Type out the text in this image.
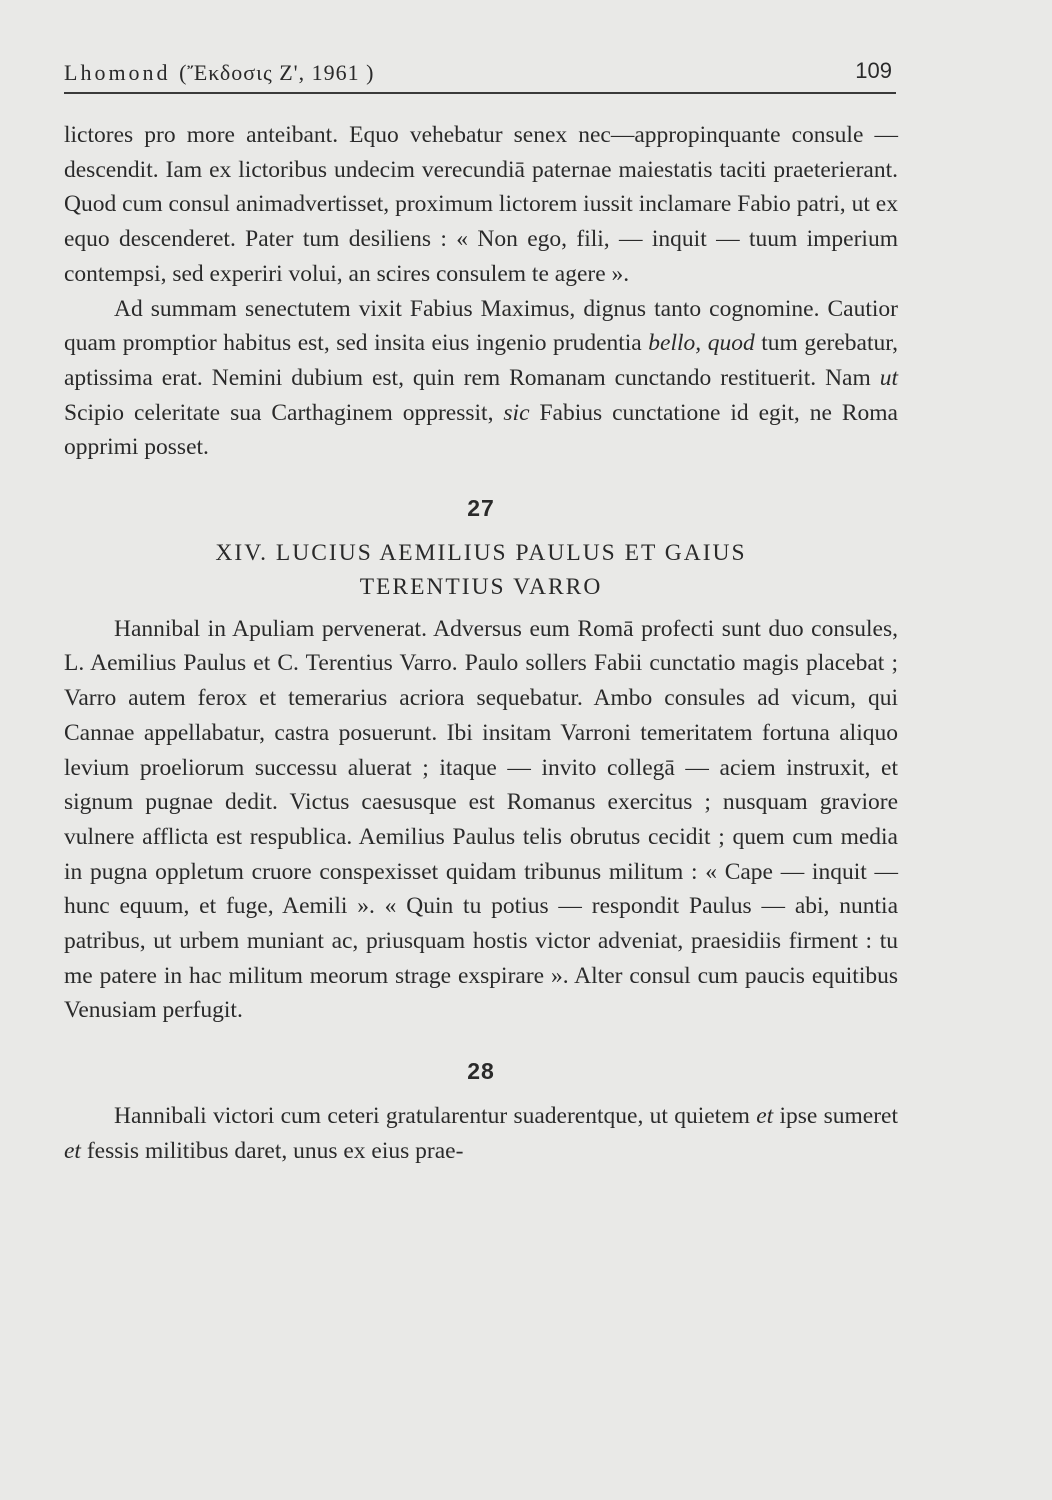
Lhomond (Ἔκδοσις Ζ', 1961 )	109

lictores pro more anteibant. Equo vehebatur senex nec—appropinquante consule — descendit. Iam ex lictoribus undecim verecundiā paternae maiestatis taciti praeterierant. Quod cum consul animadvertisset, proximum lictorem iussit inclamare Fabio patri, ut ex equo descenderet. Pater tum desiliens : « Non ego, fili, — inquit — tuum imperium contempsi, sed experiri volui, an scires consulem te agere ».

Ad summam senectutem vixit Fabius Maximus, dignus tanto cognomine. Cautior quam promptior habitus est, sed insita eius ingenio prudentia bello, quod tum gerebatur, aptissima erat. Nemini dubium est, quin rem Romanam cunctando restituerit. Nam ut Scipio celeritate sua Carthaginem oppressit, sic Fabius cunctatione id egit, ne Roma opprimi posset.

27
XIV. LUCIUS AEMILIUS PAULUS ET GAIUS
TERENTIUS VARRO

Hannibal in Apuliam pervenerat. Adversus eum Romā profecti sunt duo consules, L. Aemilius Paulus et C. Terentius Varro. Paulo sollers Fabii cunctatio magis placebat ; Varro autem ferox et temerarius acriora sequebatur. Ambo consules ad vicum, qui Cannae appellabatur, castra posuerunt. Ibi insitam Varroni temeritatem fortuna aliquo levium proeliorum successu aluerat ; itaque — invito collegā — aciem instruxit, et signum pugnae dedit. Victus caesusque est Romanus exercitus ; nusquam graviore vulnere afflicta est respublica. Aemilius Paulus telis obrutus cecidit ; quem cum media in pugna oppletum cruore conspexisset quidam tribunus militum : « Cape — inquit — hunc equum, et fuge, Aemili ». « Quin tu potius — respondit Paulus — abi, nuntia patribus, ut urbem muniant ac, priusquam hostis victor adveniat, praesidiis firment : tu me patere in hac militum meorum strage exspirare ». Alter consul cum paucis equitibus Venusiam perfugit.

28

Hannibali victori cum ceteri gratularentur suaderentque, ut quietem et ipse sumeret et fessis militibus daret, unus ex eius prae-
